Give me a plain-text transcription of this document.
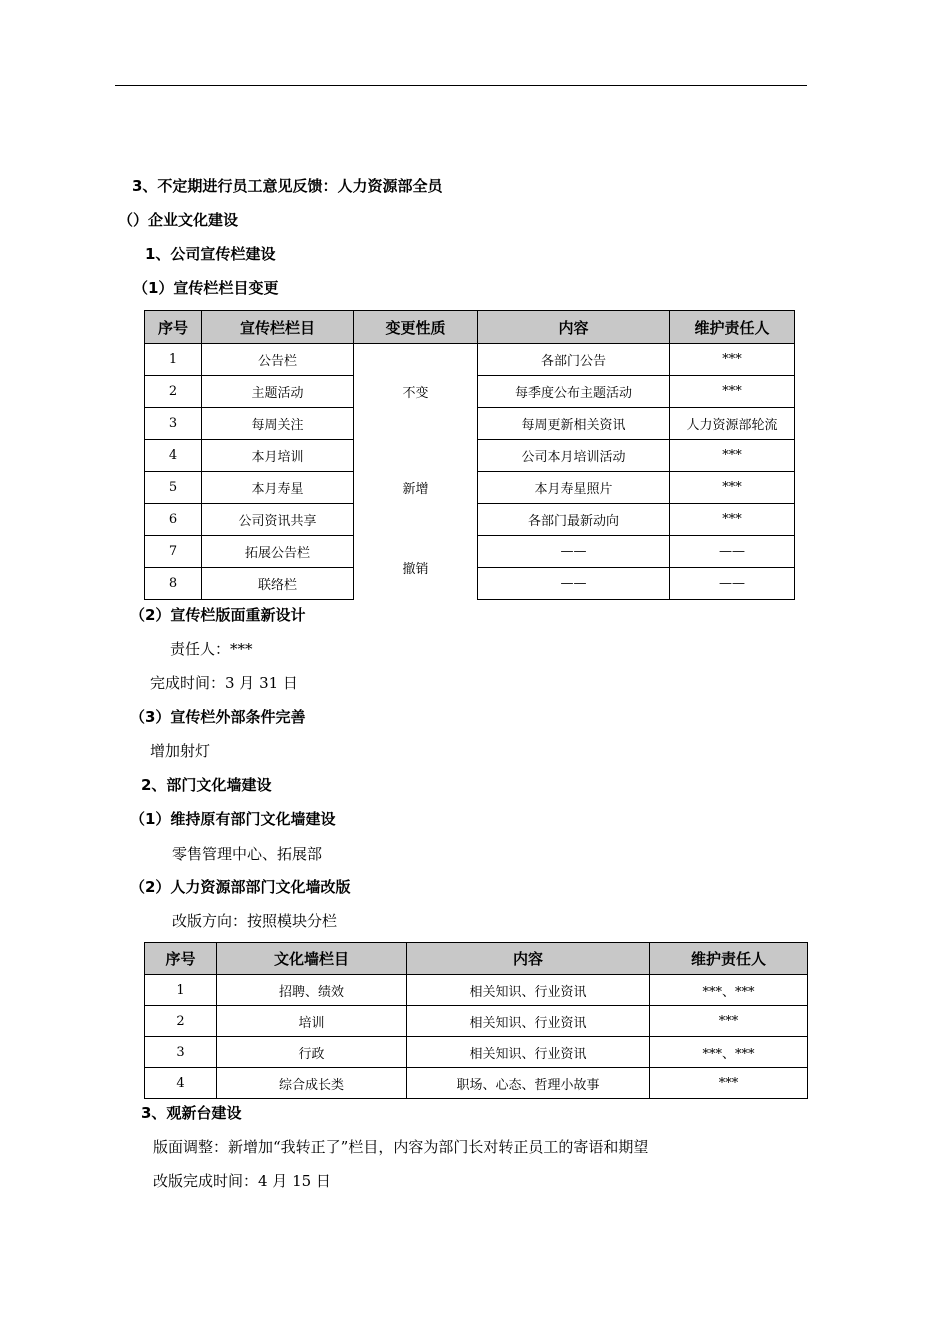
3、不定期进行员工意见反馈：人力资源部全员
（）企业文化建设
1、公司宣传栏建设
（1）宣传栏栏目变更
序号	宣传栏栏目	变更性质	内容	维护责任人
1	公告栏		各部门公告	***
2	主题活动	不变	每季度公布主题活动	***
3	每周关注		每周更新相关资讯	人力资源部轮流
4	本月培训		公司本月培训活动	***
5	本月寿星	新增	本月寿星照片	***
6	公司资讯共享		各部门最新动向	***
7	拓展公告栏	撤销	——	——
8	联络栏		——	——
（2）宣传栏版面重新设计
责任人：***
完成时间：3 月 31 日
（3）宣传栏外部条件完善
增加射灯
2、部门文化墙建设
（1）维持原有部门文化墙建设
零售管理中心、拓展部
（2）人力资源部部门文化墙改版
改版方向：按照模块分栏
序号	文化墙栏目	内容	维护责任人
1	招聘、绩效	相关知识、行业资讯	***、***
2	培训	相关知识、行业资讯	***
3	行政	相关知识、行业资讯	***、***
4	综合成长类	职场、心态、哲理小故事	***
3、观新台建设
版面调整：新增加“我转正了”栏目，内容为部门长对转正员工的寄语和期望
改版完成时间：4 月 15 日
